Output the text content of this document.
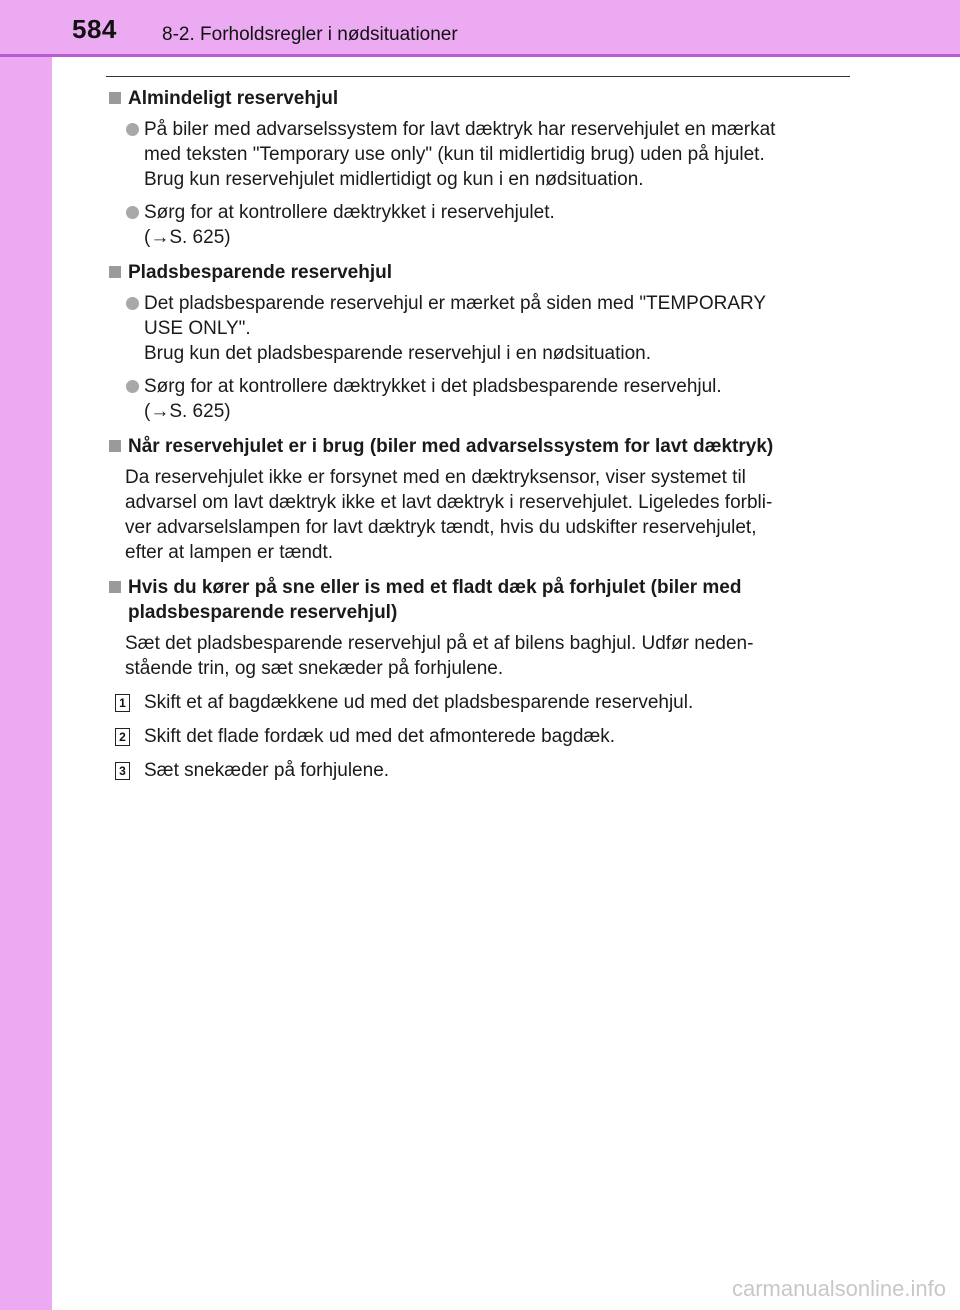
584 8-2. Forholdsregler i nødsituationer
Almindeligt reservehjul
På biler med advarselssystem for lavt dæktryk har reservehjulet en mærkat
med teksten "Temporary use only" (kun til midlertidig brug) uden på hjulet.
Brug kun reservehjulet midlertidigt og kun i en nødsituation.
Sørg for at kontrollere dæktrykket i reservehjulet.
(→S. 625)
Pladsbesparende reservehjul
Det pladsbesparende reservehjul er mærket på siden med "TEMPORARY
USE ONLY".
Brug kun det pladsbesparende reservehjul i en nødsituation.
Sørg for at kontrollere dæktrykket i det pladsbesparende reservehjul.
(→S. 625)
Når reservehjulet er i brug (biler med advarselssystem for lavt dæktryk)
Da reservehjulet ikke er forsynet med en dæktryksensor, viser systemet til
advarsel om lavt dæktryk ikke et lavt dæktryk i reservehjulet. Ligeledes forbli-
ver advarselslampen for lavt dæktryk tændt, hvis du udskifter reservehjulet,
efter at lampen er tændt.
Hvis du kører på sne eller is med et fladt dæk på forhjulet (biler med
pladsbesparende reservehjul)
Sæt det pladsbesparende reservehjul på et af bilens baghjul. Udfør neden-
stående trin, og sæt snekæder på forhjulene.
1 Skift et af bagdækkene ud med det pladsbesparende reservehjul.
2 Skift det flade fordæk ud med det afmonterede bagdæk.
3 Sæt snekæder på forhjulene.
carmanualsonline.info
